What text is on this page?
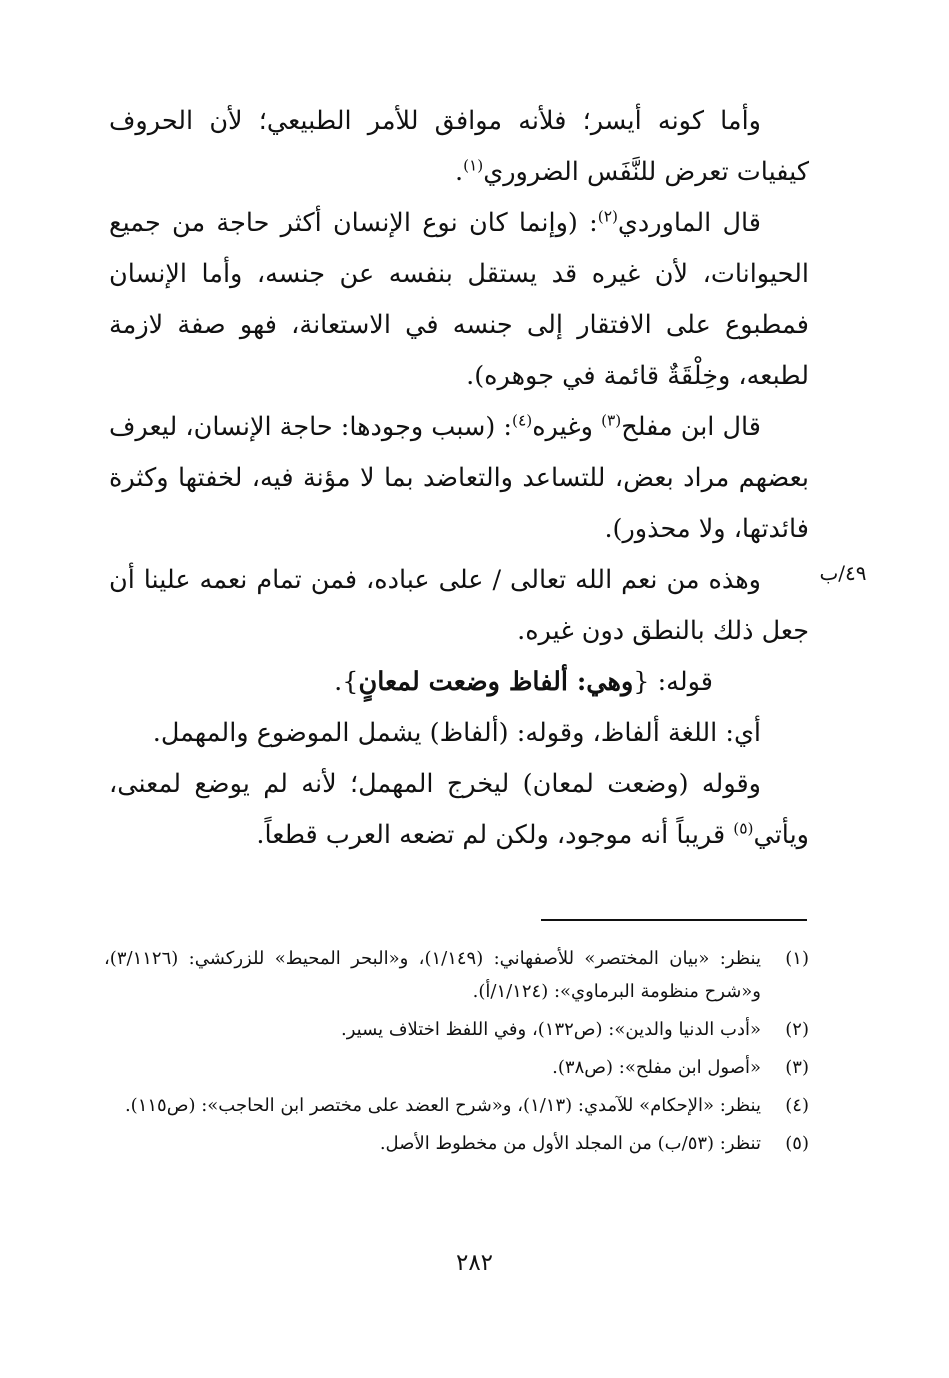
وأما كونه أيسر؛ فلأنه موافق للأمر الطبيعي؛ لأن الحروف كيفيات تعرض للنَّفَس الضروري$^{(١)}$.

قال الماوردي$^{(٢)}$: (وإنما كان نوع الإنسان أكثر حاجة من جميع الحيوانات، لأن غيره قد يستقل بنفسه عن جنسه، وأما الإنسان فمطبوع على الافتقار إلى جنسه في الاستعانة، فهو صفة لازمة لطبعه، وخِلْقَةٌ قائمة في جوهره).

قال ابن مفلح$^{(٣)}$ وغيره$^{(٤)}$: (سبب وجودها: حاجة الإنسان، ليعرف بعضهم مراد بعض، للتساعد والتعاضد بما لا مؤنة فيه، لخفتها وكثرة فائدتها، ولا محذور).

وهذه من نعم الله تعالى / على عباده، فمن تمام نعمه علينا أن جعل ذلك بالنطق دون غيره.

قوله: {وهي: ألفاظ وضعت لمعانٍ}.

أي: اللغة ألفاظ، وقوله: (ألفاظ) يشمل الموضوع والمهمل.

وقوله (وضعت لمعان) ليخرج المهمل؛ لأنه لم يوضع لمعنى، ويأتي$^{(٥)}$ قريباً أنه موجود، ولكن لم تضعه العرب قطعاً.

٤٩/ب
(١)
ينظر: «بيان المختصر» للأصفهاني: (١/١٤٩)، و«البحر المحيط» للزركشي: (٣/١١٢٦)، و«شرح منظومة البرماوي»: (١/١٢٤/أ).
(٢)
«أدب الدنيا والدين»: (ص١٣٢)، وفي اللفظ اختلاف يسير.
(٣)
«أصول ابن مفلح»: (ص٣٨).
(٤)
ينظر: «الإحكام» للآمدي: (١/١٣)، و«شرح العضد على مختصر ابن الحاجب»: (ص١١٥).
(٥)
تنظر: (٥٣/ب) من المجلد الأول من مخطوط الأصل.
٢٨٢
